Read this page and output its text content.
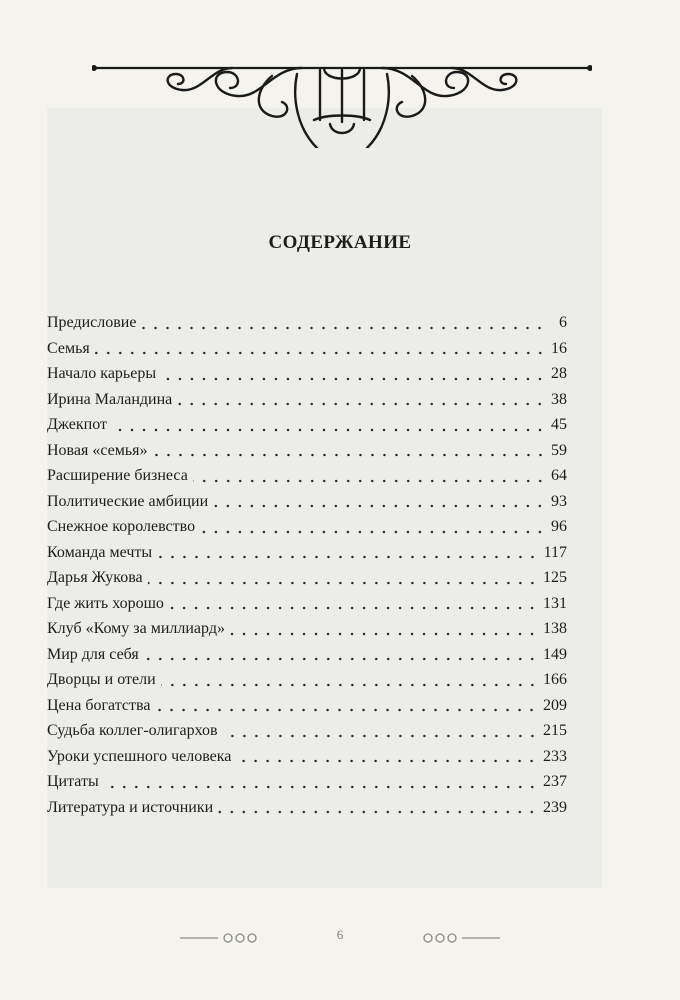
СОДЕРЖАНИЕ
Предисловие	6
Семья	16
Начало карьеры	28
Ирина Маландина	38
Джекпот	45
Новая «семья»	59
Расширение бизнеса	64
Политические амбиции	93
Снежное королевство	96
Команда мечты	117
Дарья Жукова	125
Где жить хорошо	131
Клуб «Кому за миллиард»	138
Мир для себя	149
Дворцы и отели	166
Цена богатства	209
Судьба коллег-олигархов	215
Уроки успешного человека	233
Цитаты	237
Литература и источники	239
6
